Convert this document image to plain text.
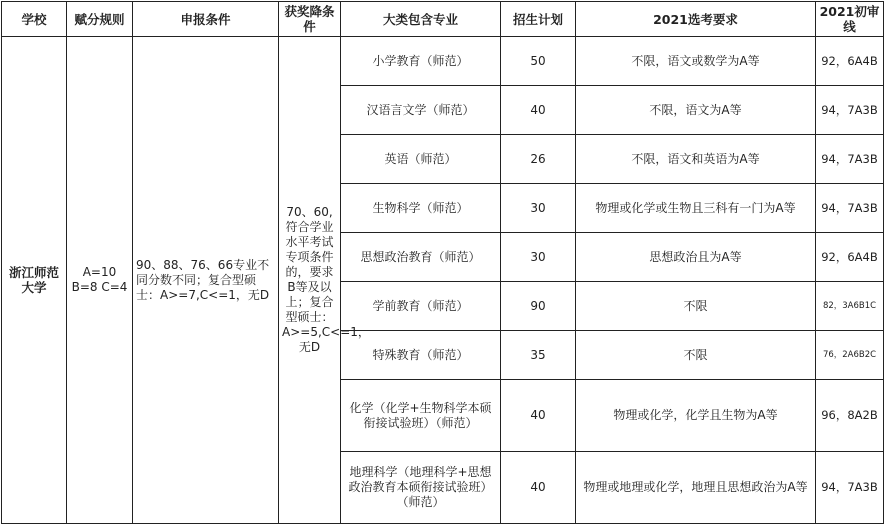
学校	赋分规则	申报条件	获奖降条件	大类包含专业	招生计划	2021选考要求	2021初审线
浙江师范大学	A=10 B=8 C=4	90、88、76、66专业不同分数不同；复合型硕士：A>=7,C<=1，无D	70、60,符合学业水平考试专项条件的，要求B等及以上；复合型硕士：A>=5,C<=1，无D	小学教育（师范）	50	不限，语文或数学为A等	92，6A4B
				汉语言文学（师范）	40	不限，语文为A等	94，7A3B
				英语（师范）	26	不限，语文和英语为A等	94，7A3B
				生物科学（师范）	30	物理或化学或生物且三科有一门为A等	94，7A3B
				思想政治教育（师范）	30	思想政治且为A等	92，6A4B
				学前教育（师范）	90	不限	82，3A6B1C
				特殊教育（师范）	35	不限	76，2A6B2C
				化学（化学+生物科学本硕衔接试验班）（师范）	40	物理或化学，化学且生物为A等	96，8A2B
				地理科学（地理科学+思想政治教育本硕衔接试验班）（师范）	40	物理或地理或化学，地理且思想政治为A等	94，7A3B
